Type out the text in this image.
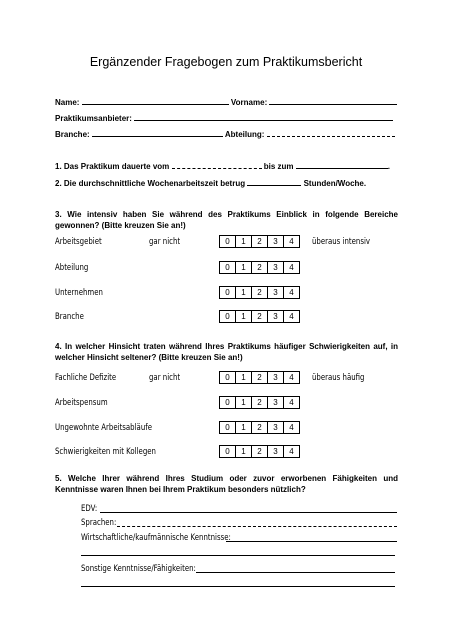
Ergänzender Fragebogen zum Praktikumsbericht
Name:	Vorname:
Praktikumsanbieter:
Branche:	Abteilung:
1. Das Praktikum dauerte vom	bis zum	.
2. Die durchschnittliche Wochenarbeitszeit betrug	Stunden/Woche.
3. Wie intensiv haben Sie während des Praktikums Einblick in folgende Bereiche gewonnen? (Bitte kreuzen Sie an!)
Arbeitsgebiet	gar nicht	0	1	2	3	4	überaus intensiv
Abteilung	0	1	2	3	4
Unternehmen	0	1	2	3	4
Branche	0	1	2	3	4
4. In welcher Hinsicht traten während Ihres Praktikums häufiger Schwierigkeiten auf, in welcher Hinsicht seltener? (Bitte kreuzen Sie an!)
Fachliche Defizite	gar nicht	0	1	2	3	4	überaus häufig
Arbeitspensum	0	1	2	3	4
Ungewohnte Arbeitsabläufe	0	1	2	3	4
Schwierigkeiten mit Kollegen	0	1	2	3	4
5. Welche Ihrer während Ihres Studium oder zuvor erworbenen Fähigkeiten und Kenntnisse waren Ihnen bei Ihrem Praktikum besonders nützlich?
EDV:
Sprachen:
Wirtschaftliche/kaufmännische Kenntnisse:
Sonstige Kenntnisse/Fähigkeiten:
